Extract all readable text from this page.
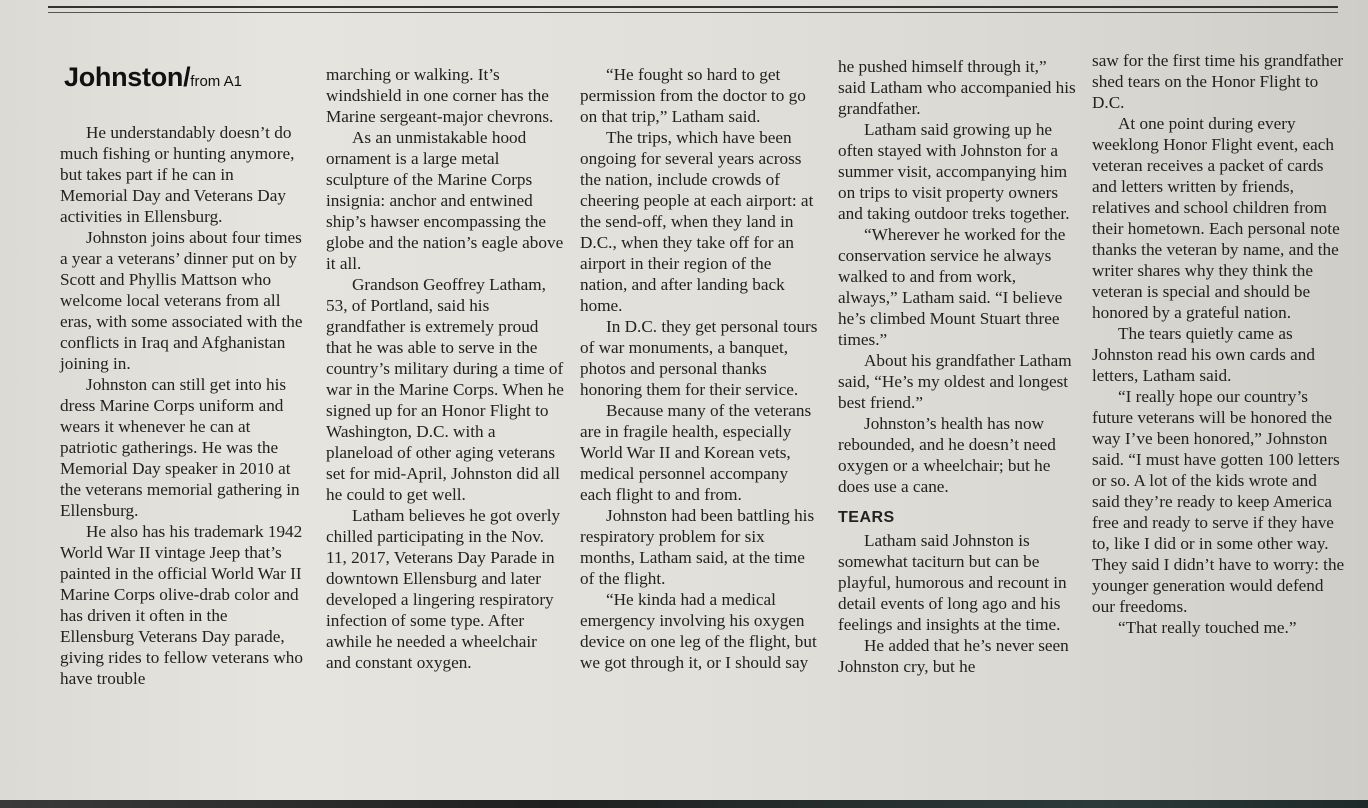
Johnston/from A1

He understandably doesn’t do much fishing or hunting anymore, but takes part if he can in Memorial Day and Veterans Day activities in Ellensburg.

Johnston joins about four times a year a veterans’ dinner put on by Scott and Phyllis Mattson who welcome local veterans from all eras, with some associated with the conflicts in Iraq and Afghanistan joining in.

Johnston can still get into his dress Marine Corps uniform and wears it whenever he can at patriotic gatherings. He was the Memorial Day speaker in 2010 at the veterans memorial gathering in Ellensburg.

He also has his trademark 1942 World War II vintage Jeep that’s painted in the official World War II Marine Corps olive-drab color and has driven it often in the Ellensburg Veterans Day parade, giving rides to fellow veterans who have trouble

marching or walking. It’s windshield in one corner has the Marine sergeant-major chevrons.

As an unmistakable hood ornament is a large metal sculpture of the Marine Corps insignia: anchor and entwined ship’s hawser encompassing the globe and the nation’s eagle above it all.

Grandson Geoffrey Latham, 53, of Portland, said his grandfather is extremely proud that he was able to serve in the country’s military during a time of war in the Marine Corps. When he signed up for an Honor Flight to Washington, D.C. with a planeload of other aging veterans set for mid-April, Johnston did all he could to get well.

Latham believes he got overly chilled participating in the Nov. 11, 2017, Veterans Day Parade in downtown Ellensburg and later developed a lingering respiratory infection of some type. After awhile he needed a wheelchair and constant oxygen.

“He fought so hard to get permission from the doctor to go on that trip,” Latham said.

The trips, which have been ongoing for several years across the nation, include crowds of cheering people at each airport: at the send-off, when they land in D.C., when they take off for an airport in their region of the nation, and after landing back home.

In D.C. they get personal tours of war monuments, a banquet, photos and personal thanks honoring them for their service.

Because many of the veterans are in fragile health, especially World War II and Korean vets, medical personnel accompany each flight to and from.

Johnston had been battling his respiratory problem for six months, Latham said, at the time of the flight.

“He kinda had a medical emergency involving his oxygen device on one leg of the flight, but we got through it, or I should say

he pushed himself through it,” said Latham who accompanied his grandfather.

Latham said growing up he often stayed with Johnston for a summer visit, accompanying him on trips to visit property owners and taking outdoor treks together.

“Wherever he worked for the conservation service he always walked to and from work, always,” Latham said. “I believe he’s climbed Mount Stuart three times.”

About his grandfather Latham said, “He’s my oldest and longest best friend.”

Johnston’s health has now rebounded, and he doesn’t need oxygen or a wheelchair; but he does use a cane.

TEARS

Latham said Johnston is somewhat taciturn but can be playful, humorous and recount in detail events of long ago and his feelings and insights at the time.

He added that he’s never seen Johnston cry, but he

saw for the first time his grandfather shed tears on the Honor Flight to D.C.

At one point during every weeklong Honor Flight event, each veteran receives a packet of cards and letters written by friends, relatives and school children from their hometown. Each personal note thanks the veteran by name, and the writer shares why they think the veteran is special and should be honored by a grateful nation.

The tears quietly came as Johnston read his own cards and letters, Latham said.

“I really hope our country’s future veterans will be honored the way I’ve been honored,” Johnston said. “I must have gotten 100 letters or so. A lot of the kids wrote and said they’re ready to keep America free and ready to serve if they have to, like I did or in some other way. They said I didn’t have to worry: the younger generation would defend our freedoms.

“That really touched me.”
